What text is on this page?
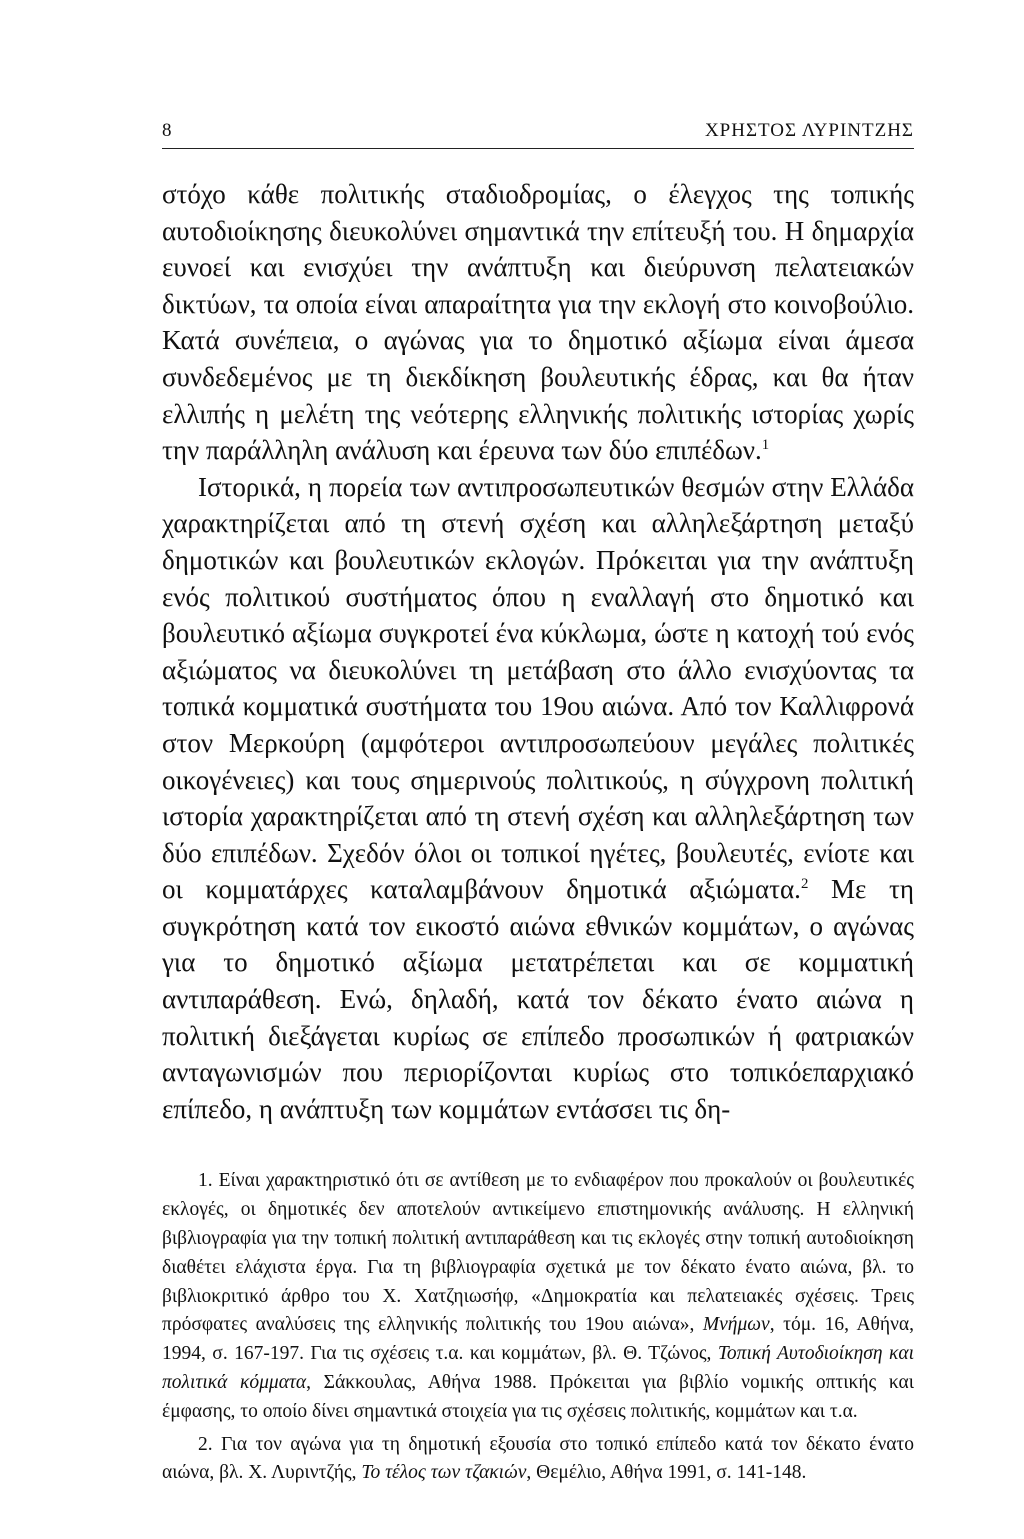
8	ΧΡΗΣΤΟΣ ΛΥΡΙΝΤΖΗΣ

στόχο κάθε πολιτικής σταδιοδρομίας, ο έλεγχος της τοπικής αυτοδιοίκησης διευκολύνει σημαντικά την επίτευξή του. Η δημαρχία ευνοεί και ενισχύει την ανάπτυξη και διεύρυνση πελατειακών δικτύων, τα οποία είναι απαραίτητα για την εκλογή στο κοινοβούλιο. Κατά συνέπεια, ο αγώνας για το δημοτικό αξίωμα είναι άμεσα συνδεδεμένος με τη διεκδίκηση βουλευτικής έδρας, και θα ήταν ελλιπής η μελέτη της νεότερης ελληνικής πολιτικής ιστορίας χωρίς την παράλληλη ανάλυση και έρευνα των δύο επιπέδων.$^1$

Ιστορικά, η πορεία των αντιπροσωπευτικών θεσμών στην Ελλάδα χαρακτηρίζεται από τη στενή σχέση και αλληλεξάρτηση μεταξύ δημοτικών και βουλευτικών εκλογών. Πρόκειται για την ανάπτυξη ενός πολιτικού συστήματος όπου η εναλλαγή στο δημοτικό και βουλευτικό αξίωμα συγκροτεί ένα κύκλωμα, ώστε η κατοχή τού ενός αξιώματος να διευκολύνει τη μετάβαση στο άλλο ενισχύοντας τα τοπικά κομματικά συστήματα του 19ου αιώνα. Από τον Καλλιφρονά στον Μερκούρη (αμφότεροι αντιπροσωπεύουν μεγάλες πολιτικές οικογένειες) και τους σημερινούς πολιτικούς, η σύγχρονη πολιτική ιστορία χαρακτηρίζεται από τη στενή σχέση και αλληλεξάρτηση των δύο επιπέδων. Σχεδόν όλοι οι τοπικοί ηγέτες, βουλευτές, ενίοτε και οι κομματάρχες καταλαμβάνουν δημοτικά αξιώματα.$^2$ Με τη συγκρότηση κατά τον εικοστό αιώνα εθνικών κομμάτων, ο αγώνας για το δημοτικό αξίωμα μετατρέπεται και σε κομματική αντιπαράθεση. Ενώ, δηλαδή, κατά τον δέκατο ένατο αιώνα η πολιτική διεξάγεται κυρίως σε επίπεδο προσωπικών ή φατριακών ανταγωνισμών που περιορίζονται κυρίως στο τοπικόεπαρχιακό επίπεδο, η ανάπτυξη των κομμάτων εντάσσει τις δη-

1. Είναι χαρακτηριστικό ότι σε αντίθεση με το ενδιαφέρον που προκαλούν οι βουλευτικές εκλογές, οι δημοτικές δεν αποτελούν αντικείμενο επιστημονικής ανάλυσης. Η ελληνική βιβλιογραφία για την τοπική πολιτική αντιπαράθεση και τις εκλογές στην τοπική αυτοδιοίκηση διαθέτει ελάχιστα έργα. Για τη βιβλιογραφία σχετικά με τον δέκατο ένατο αιώνα, βλ. το βιβλιοκριτικό άρθρο του Χ. Χατζηιωσήφ, «Δημοκρατία και πελατειακές σχέσεις. Τρεις πρόσφατες αναλύσεις της ελληνικής πολιτικής του 19ου αιώνα», Μνήμων, τόμ. 16, Αθήνα, 1994, σ. 167-197. Για τις σχέσεις τ.α. και κομμάτων, βλ. Θ. Τζώνος, Τοπική Αυτοδιοίκηση και πολιτικά κόμματα, Σάκκουλας, Αθήνα 1988. Πρόκειται για βιβλίο νομικής οπτικής και έμφασης, το οποίο δίνει σημαντικά στοιχεία για τις σχέσεις πολιτικής, κομμάτων και τ.α.

2. Για τον αγώνα για τη δημοτική εξουσία στο τοπικό επίπεδο κατά τον δέκατο ένατο αιώνα, βλ. Χ. Λυριντζής, Το τέλος των τζακιών, Θεμέλιο, Αθήνα 1991, σ. 141-148.
